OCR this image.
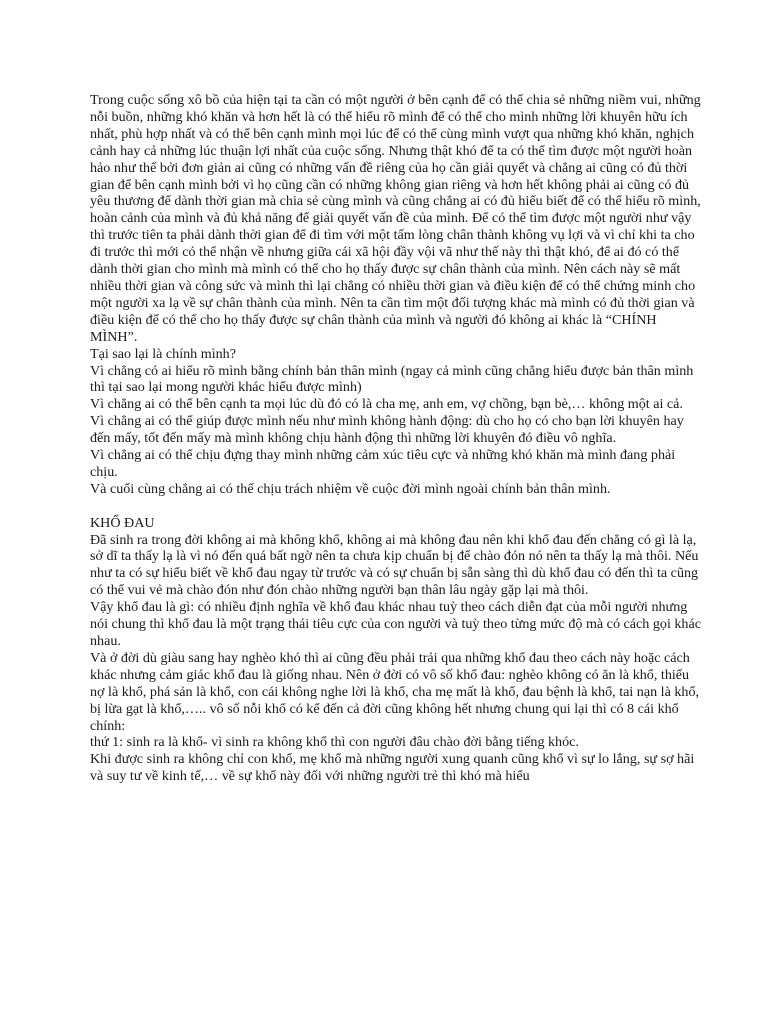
Trong cuộc sống xô bồ của hiện tại ta cần có một người ở bên cạnh để có thể chia sẻ những niềm vui, những nỗi buồn, những khó khăn và hơn hết là có thể hiểu rõ mình để có thể cho mình những lời khuyên hữu ích nhất, phù hợp nhất và có thể bên cạnh mình mọi lúc để có thể cùng mình vượt qua những khó khăn, nghịch cảnh hay cả những lúc thuận lợi nhất của cuộc sống. Nhưng thật khó để ta có thể tìm được một người hoàn hảo như thế bởi đơn giản ai cũng có những vấn đề riêng của họ cần giải quyết và chẳng ai cũng có đủ thời gian để bên cạnh mình bởi vì họ cũng cần có những không gian riêng và hơn hết không phải ai cũng có đủ yêu thương để dành thời gian mà chia sẻ cùng mình và cũng chẳng ai có đủ hiểu biết để có thể hiểu rõ mình, hoàn cảnh của mình và đủ khả năng để giải quyết vấn đề của mình. Để có thể tìm được một người như vậy thì trước tiên ta phải dành thời gian để đi tìm với một tấm lòng chân thành không vụ lợi và vì chỉ khi ta cho đi trước thì mới có thể nhận về nhưng giữa cái xã hội đầy vội vã như thế này thì thật khó, để ai đó có thể dành thời gian cho mình mà mình có thể cho họ thấy được sự chân thành của mình. Nên cách này sẽ mất nhiều thời gian và công sức và mình thì lại chẳng có nhiều thời gian và điều kiện để có thể chứng minh cho một người xa lạ về sự chân thành của mình. Nên ta cần tìm một đối tượng khác mà mình có đủ thời gian và điều kiện để có thể cho họ thấy được sự chân thành của mình và người đó không ai khác là “CHÍNH MÌNH”.

Tại sao lại là chính mình?

Vì chẳng có ai hiểu rõ mình bằng chính bản thân mình (ngay cả mình cũng chẳng hiểu được bản thân mình thì tại sao lại mong người khác hiểu được mình)

Vì chẳng ai có thể bên cạnh ta mọi lúc dù đó có là cha mẹ, anh em, vợ chồng, bạn bè,… không một ai cả.

Vì chẳng ai có thể giúp được mình nếu như mình không hành động: dù cho họ có cho bạn lời khuyên hay đến mấy, tốt đến mấy mà mình không chịu hành động thì những lời khuyên đó điều vô nghĩa.

Vì chẳng ai có thể chịu đựng thay mình những cảm xúc tiêu cực và những khó khăn mà mình đang phải chịu.

Và cuối cùng chẳng ai có thể chịu trách nhiệm về cuộc đời mình ngoài chính bản thân mình.

KHỔ ĐAU

Đã sinh ra trong đời không ai mà không khổ, không ai mà không đau nên khi khổ đau đến chẳng có gì là lạ, sở dĩ ta thấy lạ là vì nó đến quá bất ngờ nên ta chưa kịp chuẩn bị để chào đón nó nên ta thấy lạ mà thôi. Nếu như ta có sự hiểu biết về khổ đau ngay từ trước và có sự chuẩn bị sẵn sàng thì dù khổ đau có đến thì ta cũng có thể vui vẻ mà chào đón như đón chào những người bạn thân lâu ngày gặp lại mà thôi.

Vậy khổ đau là gì: có nhiều định nghĩa về khổ đau khác nhau tuỳ theo cách diễn đạt của mỗi người nhưng nói chung thì khổ đau là một trạng thái tiêu cực của con người và tuỳ theo từng mức độ mà có cách gọi khác nhau.

Và ở đời dù giàu sang hay nghèo khó thì ai cũng đều phải trải qua những khổ đau theo cách này hoặc cách khác nhưng cảm giác khổ đau là giống nhau. Nên ở đời có vô số khổ đau: nghèo không có ăn là khổ, thiếu nợ là khổ, phá sản là khổ, con cái không nghe lời là khổ, cha mẹ mất là khổ, đau bệnh là khổ, tai nạn là khổ, bị lừa gạt là khổ,….. vô số nỗi khổ có kể đến cả đời cũng không hết nhưng chung qui lại thì có 8 cái khổ chính:

thứ 1: sinh ra là khổ- vì sinh ra không khổ thì con người đâu chào đời bằng tiếng khóc.

Khi được sinh ra không chỉ con khổ, mẹ khổ mà những người xung quanh cũng khổ vì sự lo lắng, sự sợ hãi và suy tư về kinh tế,… về sự khổ này đối với những người trẻ thì khó mà hiểu
